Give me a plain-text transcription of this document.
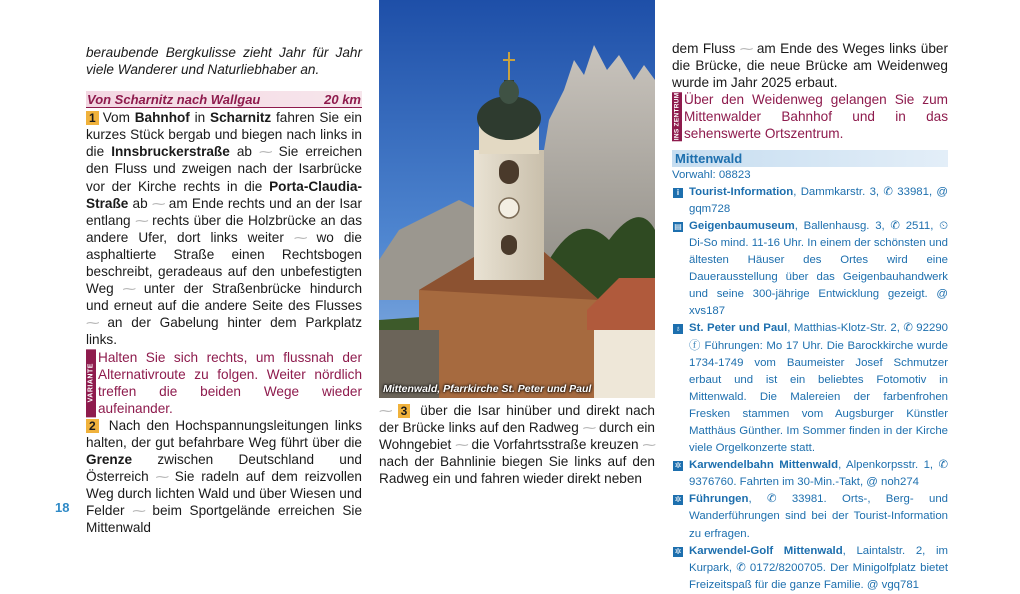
beraubende Bergkulisse zieht Jahr für Jahr viele Wanderer und Naturliebhaber an.

Von Scharnitz nach Wallgau	20 km

1 Vom Bahnhof in Scharnitz fahren Sie ein kurzes Stück bergab und biegen nach links in die Innsbruckerstraße ab ⁓ Sie erreichen den Fluss und zweigen nach der Isarbrücke vor der Kirche rechts in die Porta-Claudia-Straße ab ⁓ am Ende rechts und an der Isar entlang ⁓ rechts über die Holzbrücke an das andere Ufer, dort links weiter ⁓ wo die asphaltierte Straße einen Rechtsbogen beschreibt, geradeaus auf den unbefestigten Weg ⁓ unter der Straßenbrücke hindurch und erneut auf die andere Seite des Flusses ⁓ an der Gabelung hinter dem Parkplatz links.

VARIANTE
Halten Sie sich rechts, um flussnah der Alternativroute zu folgen. Weiter nördlich treffen die beiden Wege wieder aufeinander.

2 Nach den Hochspannungsleitungen links halten, der gut befahrbare Weg führt über die Grenze zwischen Deutschland und Österreich ⁓ Sie radeln auf dem reizvollen Weg durch lichten Wald und über Wiesen und Felder ⁓ beim Sportgelände erreichen Sie Mittenwald

18
Mittenwald, Pfarrkirche St. Peter und Paul

⁓ 3 über die Isar hinüber und direkt nach der Brücke links auf den Radweg ⁓ durch ein Wohngebiet ⁓ die Vorfahrtsstraße kreuzen ⁓ nach der Bahnlinie biegen Sie links auf den Radweg ein und fahren wieder direkt neben

dem Fluss ⁓ am Ende des Weges links über die Brücke, die neue Brücke am Weidenweg wurde im Jahr 2025 erbaut.

INS ZENTRUM Über den Weidenweg gelangen Sie zum Mittenwalder Bahnhof und in das sehenswerte Ortszentrum.
Mittenwald
Vorwahl: 08823
i Tourist-Information, Dammkarstr. 3, ✆ 33981, @ gqm728
▤ Geigenbaumuseum, Ballenhausg. 3, ✆ 2511, ⏲ Di-So mind. 11-16 Uhr. In einem der schönsten und ältesten Häuser des Ortes wird eine Dauerausstellung über das Geigenbauhandwerk und seine 300-jährige Entwicklung gezeigt. @ xvs187
♁ St. Peter und Paul, Matthias-Klotz-Str. 2, ✆ 92290 ⓕ Führungen: Mo 17 Uhr. Die Barockkirche wurde 1734-1749 vom Baumeister Josef Schmutzer erbaut und ist ein beliebtes Fotomotiv in Mittenwald. Die Malereien der farbenfrohen Fresken stammen vom Augsburger Künstler Matthäus Günther. Im Sommer finden in der Kirche viele Orgelkonzerte statt.
✲ Karwendelbahn Mittenwald, Alpenkorpsstr. 1, ✆ 9376760. Fahrten im 30-Min.-Takt, @ noh274
✲ Führungen, ✆ 33981. Orts-, Berg- und Wanderführungen sind bei der Tourist-Information zu erfragen.
✲ Karwendel-Golf Mittenwald, Laintalstr. 2, im Kurpark, ✆ 0172/8200705. Der Minigolfplatz bietet Freizeitspaß für die ganze Familie. @ vgq781
